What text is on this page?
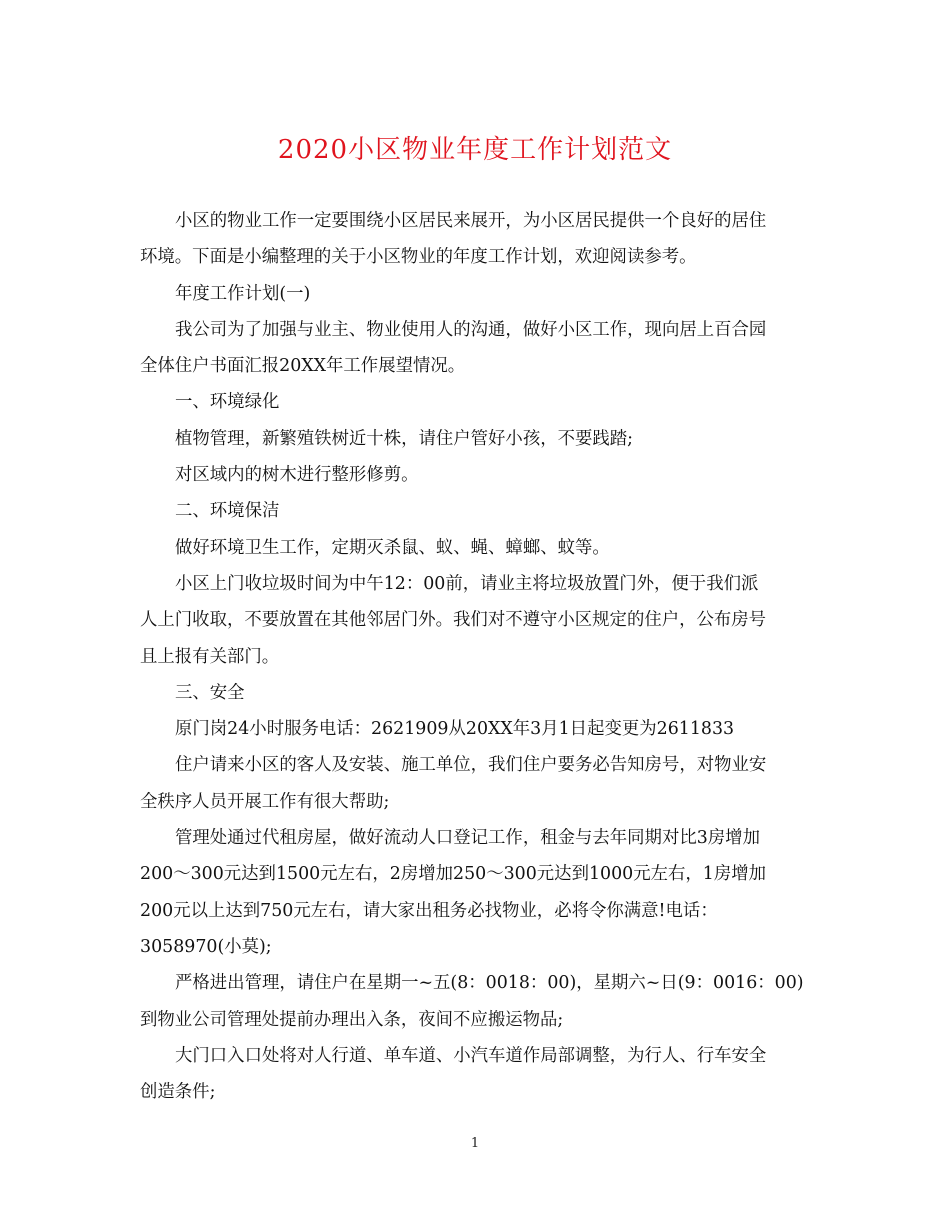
2020小区物业年度工作计划范文

小区的物业工作一定要围绕小区居民来展开，为小区居民提供一个良好的居住
环境。下面是小编整理的关于小区物业的年度工作计划，欢迎阅读参考。

年度工作计划(一)

我公司为了加强与业主、物业使用人的沟通，做好小区工作，现向居上百合园
全体住户书面汇报20XX年工作展望情况。

一、环境绿化

植物管理，新繁殖铁树近十株，请住户管好小孩，不要践踏;

对区域内的树木进行整形修剪。

二、环境保洁

做好环境卫生工作，定期灭杀鼠、蚁、蝇、蟑螂、蚊等。

小区上门收垃圾时间为中午12：00前，请业主将垃圾放置门外，便于我们派
人上门收取，不要放置在其他邻居门外。我们对不遵守小区规定的住户，公布房号
且上报有关部门。

三、安全

原门岗24小时服务电话：2621909从20XX年3月1日起变更为2611833

住户请来小区的客人及安装、施工单位，我们住户要务必告知房号，对物业安
全秩序人员开展工作有很大帮助;

管理处通过代租房屋，做好流动人口登记工作，租金与去年同期对比3房增加
200～300元达到1500元左右，2房增加250～300元达到1000元左右，1房增加
200元以上达到750元左右，请大家出租务必找物业，必将令你满意!电话：
3058970(小莫);

严格进出管理，请住户在星期一~五(8：0018：00)，星期六~日(9：0016：00)
到物业公司管理处提前办理出入条，夜间不应搬运物品;

大门口入口处将对人行道、单车道、小汽车道作局部调整，为行人、行车安全
创造条件;

1
